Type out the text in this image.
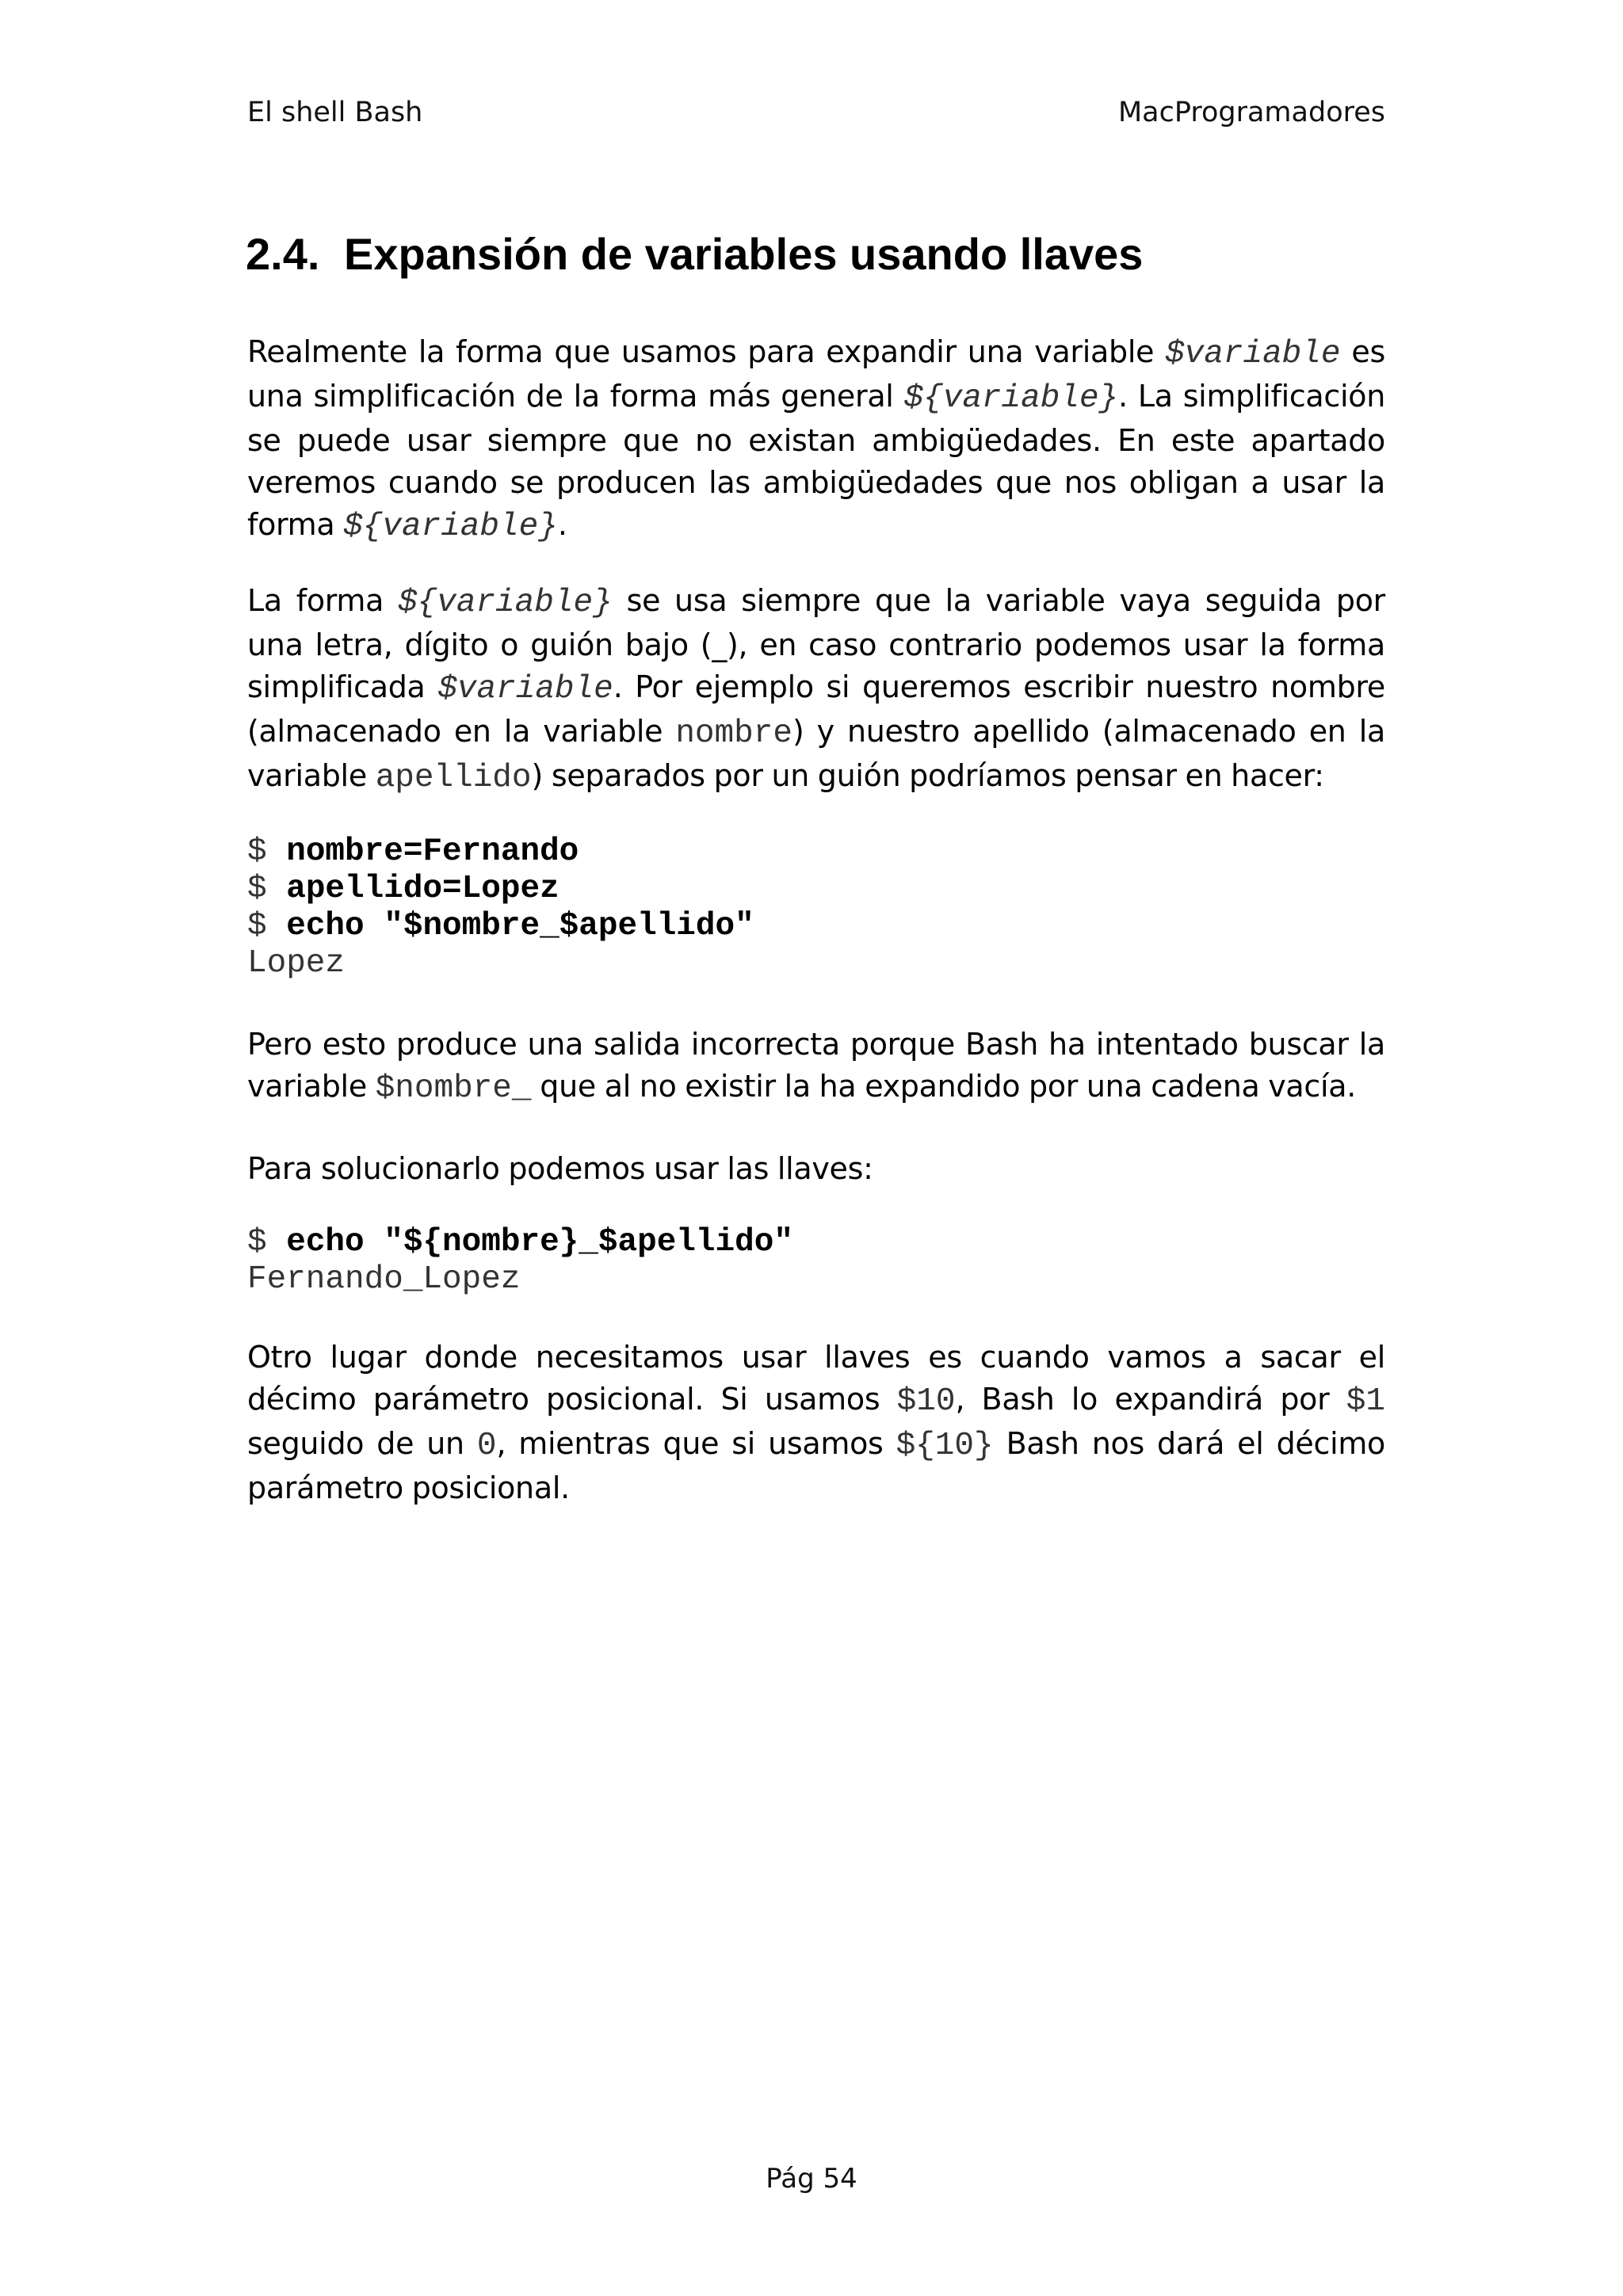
El shell Bash	MacProgramadores
2.4. Expansión de variables usando llaves

Realmente la forma que usamos para expandir una variable $variable es una simplificación de la forma más general ${variable}. La simplificación se puede usar siempre que no existan ambigüedades. En este apartado veremos cuando se producen las ambigüedades que nos obligan a usar la forma ${variable}.

La forma ${variable} se usa siempre que la variable vaya seguida por una letra, dígito o guión bajo (_), en caso contrario podemos usar la forma simplificada $variable. Por ejemplo si queremos escribir nuestro nombre (almacenado en la variable nombre) y nuestro apellido (almacenado en la variable apellido) separados por un guión podríamos pensar en hacer:

$ nombre=Fernando
$ apellido=Lopez
$ echo "$nombre_$apellido"
Lopez

Pero esto produce una salida incorrecta porque Bash ha intentado buscar la variable $nombre_ que al no existir la ha expandido por una cadena vacía.

Para solucionarlo podemos usar las llaves:

$ echo "${nombre}_$apellido"
Fernando_Lopez

Otro lugar donde necesitamos usar llaves es cuando vamos a sacar el décimo parámetro posicional. Si usamos $10, Bash lo expandirá por $1 seguido de un 0, mientras que si usamos ${10} Bash nos dará el décimo parámetro posicional.

Pág 54
